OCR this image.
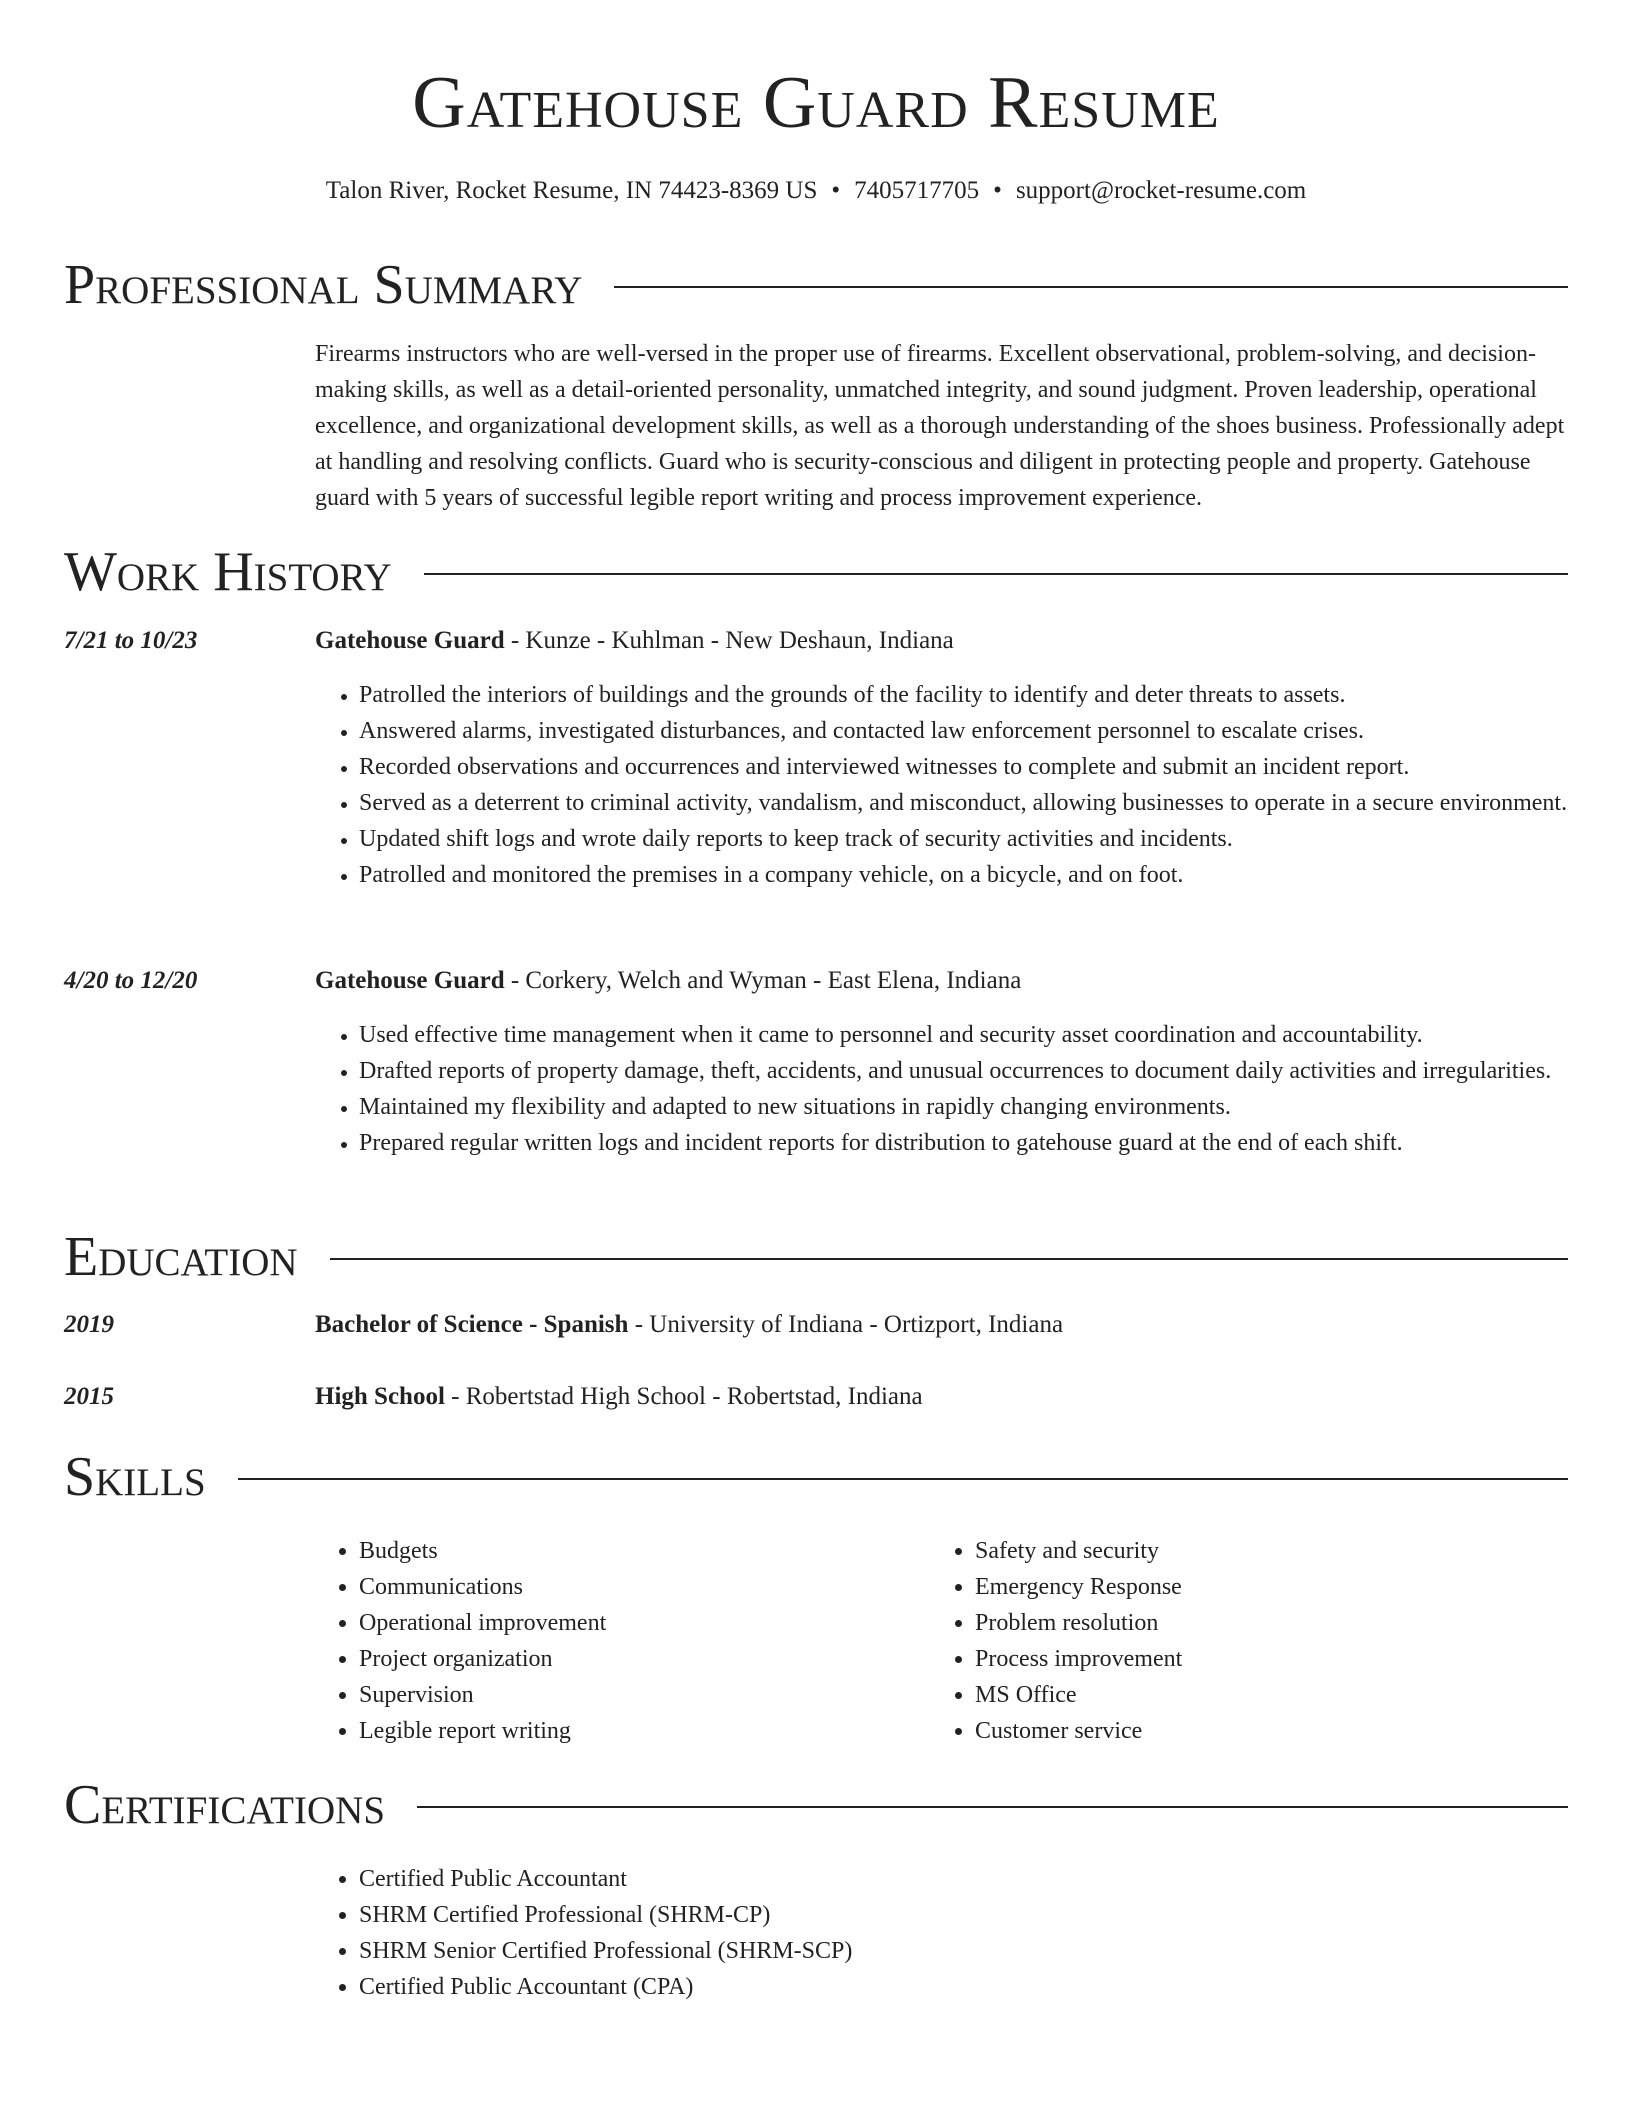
Gatehouse Guard Resume
Talon River, Rocket Resume, IN 74423-8369 US • 7405717705 • support@rocket-resume.com
Professional Summary

Firearms instructors who are well-versed in the proper use of firearms. Excellent observational, problem-solving, and decision-making skills, as well as a detail-oriented personality, unmatched integrity, and sound judgment. Proven leadership, operational excellence, and organizational development skills, as well as a thorough understanding of the shoes business. Professionally adept at handling and resolving conflicts. Guard who is security-conscious and diligent in protecting people and property. Gatehouse guard with 5 years of successful legible report writing and process improvement experience.

Work History
7/21 to 10/23	Gatehouse Guard - Kunze - Kuhlman - New Deshaun, Indiana
• Patrolled the interiors of buildings and the grounds of the facility to identify and deter threats to assets.
• Answered alarms, investigated disturbances, and contacted law enforcement personnel to escalate crises.
• Recorded observations and occurrences and interviewed witnesses to complete and submit an incident report.
• Served as a deterrent to criminal activity, vandalism, and misconduct, allowing businesses to operate in a secure environment.
• Updated shift logs and wrote daily reports to keep track of security activities and incidents.
• Patrolled and monitored the premises in a company vehicle, on a bicycle, and on foot.
4/20 to 12/20	Gatehouse Guard - Corkery, Welch and Wyman - East Elena, Indiana
• Used effective time management when it came to personnel and security asset coordination and accountability.
• Drafted reports of property damage, theft, accidents, and unusual occurrences to document daily activities and irregularities.
• Maintained my flexibility and adapted to new situations in rapidly changing environments.
• Prepared regular written logs and incident reports for distribution to gatehouse guard at the end of each shift.
Education
2019	Bachelor of Science - Spanish - University of Indiana - Ortizport, Indiana
2015	High School - Robertstad High School - Robertstad, Indiana
Skills
• Budgets
• Communications
• Operational improvement
• Project organization
• Supervision
• Legible report writing
• Safety and security
• Emergency Response
• Problem resolution
• Process improvement
• MS Office
• Customer service
Certifications
• Certified Public Accountant
• SHRM Certified Professional (SHRM-CP)
• SHRM Senior Certified Professional (SHRM-SCP)
• Certified Public Accountant (CPA)
